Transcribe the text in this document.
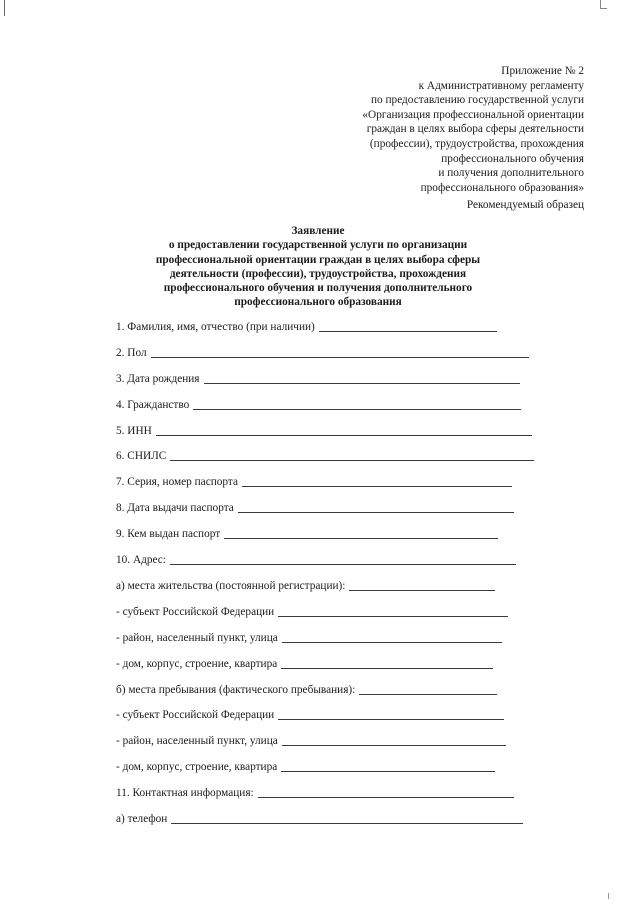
Приложение № 2
к Административному регламенту
по предоставлению государственной услуги
«Организация профессиональной ориентации
граждан в целях выбора сферы деятельности
(профессии), трудоустройства, прохождения
профессионального обучения
и получения дополнительного
профессионального образования»
Рекомендуемый образец
Заявление
о предоставлении государственной услуги по организации
профессиональной ориентации граждан в целях выбора сферы
деятельности (профессии), трудоустройства, прохождения
профессионального обучения и получения дополнительного
профессионального образования
1. Фамилия, имя, отчество (при наличии)
2. Пол
3. Дата рождения
4. Гражданство
5. ИНН
6. СНИЛС
7. Серия, номер паспорта
8. Дата выдачи паспорта
9. Кем выдан паспорт
10. Адрес:
а) места жительства (постоянной регистрации):
- субъект Российской Федерации
- район, населенный пункт, улица
- дом, корпус, строение, квартира
б) места пребывания (фактического пребывания):
- субъект Российской Федерации
- район, населенный пункт, улица
- дом, корпус, строение, квартира
11. Контактная информация:
а) телефон
